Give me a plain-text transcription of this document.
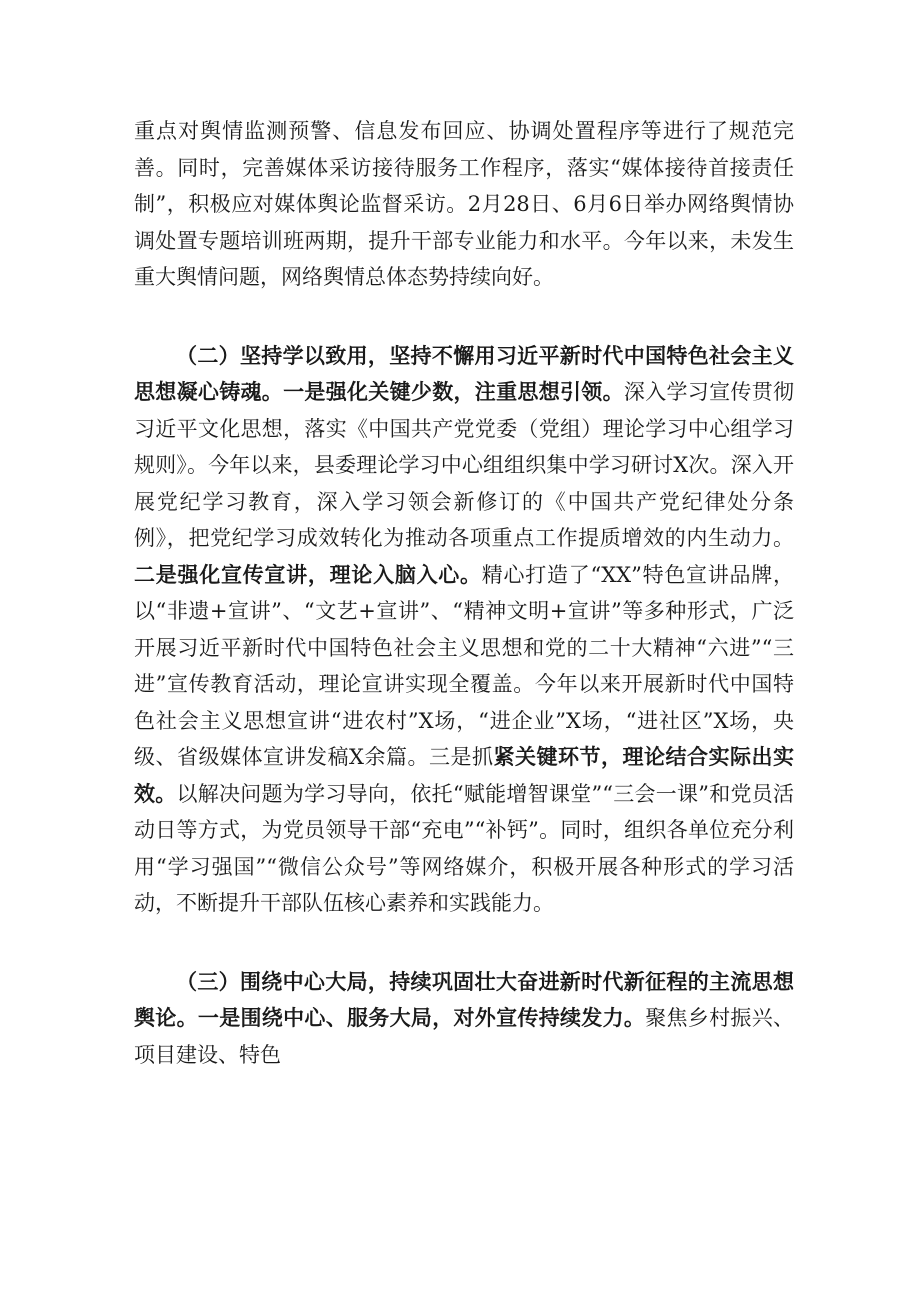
重点对舆情监测预警、信息发布回应、协调处置程序等进行了规范完善。同时，完善媒体采访接待服务工作程序，落实“媒体接待首接责任制”，积极应对媒体舆论监督采访。2月28日、6月6日举办网络舆情协调处置专题培训班两期，提升干部专业能力和水平。今年以来，未发生重大舆情问题，网络舆情总体态势持续向好。

（二）坚持学以致用，坚持不懈用习近平新时代中国特色社会主义思想凝心铸魂。一是强化关键少数，注重思想引领。深入学习宣传贯彻习近平文化思想，落实《中国共产党党委（党组）理论学习中心组学习规则》。今年以来，县委理论学习中心组组织集中学习研讨X次。深入开展党纪学习教育，深入学习领会新修订的《中国共产党纪律处分条例》，把党纪学习成效转化为推动各项重点工作提质增效的内生动力。二是强化宣传宣讲，理论入脑入心。精心打造了“XX”特色宣讲品牌，以“非遗+宣讲”、“文艺+宣讲”、“精神文明+宣讲”等多种形式，广泛开展习近平新时代中国特色社会主义思想和党的二十大精神“六进”“三进”宣传教育活动，理论宣讲实现全覆盖。今年以来开展新时代中国特色社会主义思想宣讲“进农村”X场，“进企业”X场，“进社区”X场，央级、省级媒体宣讲发稿X余篇。三是抓紧关键环节，理论结合实际出实效。以解决问题为学习导向，依托“赋能增智课堂”“三会一课”和党员活动日等方式，为党员领导干部“充电”“补钙”。同时，组织各单位充分利用“学习强国”“微信公众号”等网络媒介，积极开展各种形式的学习活动，不断提升干部队伍核心素养和实践能力。

（三）围绕中心大局，持续巩固壮大奋进新时代新征程的主流思想舆论。一是围绕中心、服务大局，对外宣传持续发力。聚焦乡村振兴、项目建设、特色
